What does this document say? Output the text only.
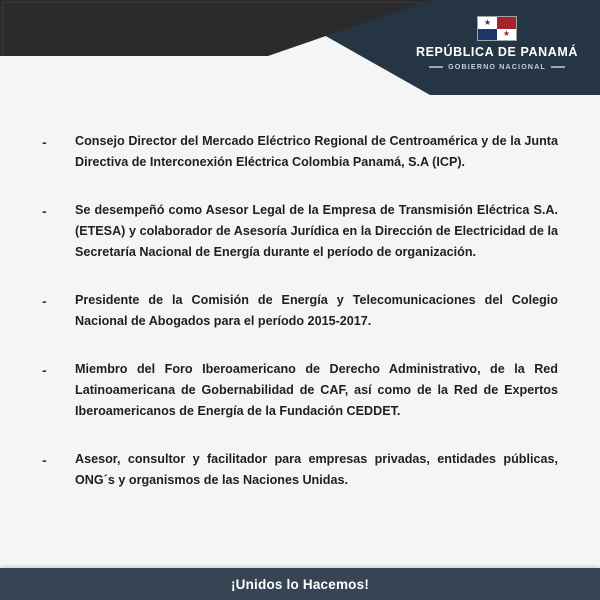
★
★
REPÚBLICA DE PANAMÁ
GOBIERNO NACIONAL
-	Consejo Director del Mercado Eléctrico Regional de Centroamérica y de la Junta Directiva de Interconexión Eléctrica Colombia Panamá, S.A (ICP).
-	Se desempeñó como Asesor Legal de la Empresa de Transmisión Eléctrica S.A. (ETESA) y colaborador de Asesoría Jurídica en la Dirección de Electricidad de la Secretaría Nacional de Energía durante el período de organización.
-	Presidente de la Comisión de Energía y Telecomunicaciones del Colegio Nacional de Abogados para el período 2015-2017.
-	Miembro del Foro Iberoamericano de Derecho Administrativo, de la Red Latinoamericana de Gobernabilidad de CAF, así como de la Red de Expertos Iberoamericanos de Energía de la Fundación CEDDET.
-	Asesor, consultor y facilitador para empresas privadas, entidades públicas, ONG´s y organismos de las Naciones Unidas.
¡Unidos lo Hacemos!
